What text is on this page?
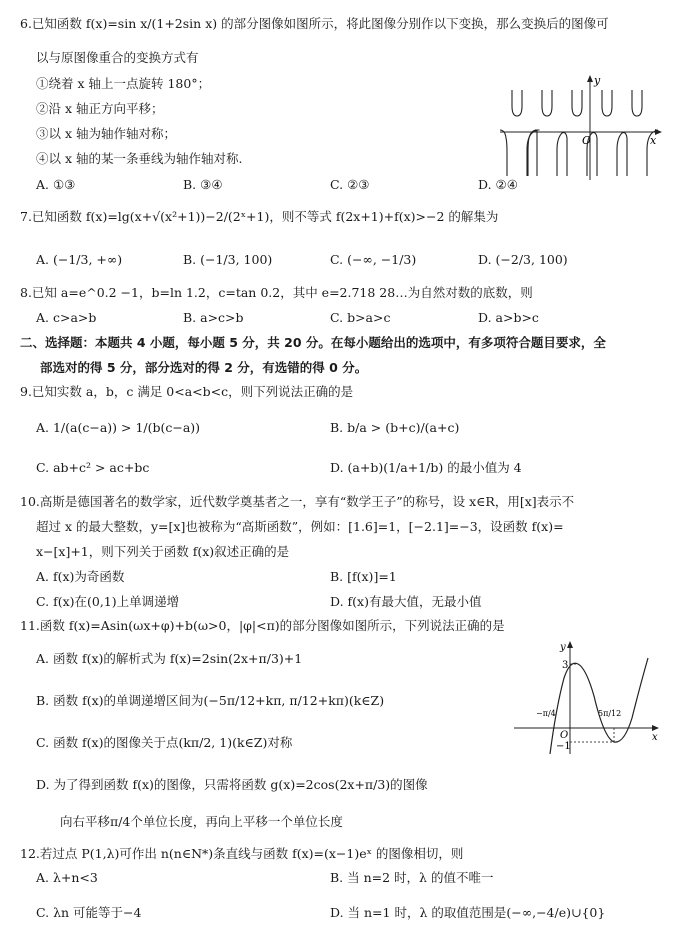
6.已知函数 f(x)=sin x/(1+2sin x) 的部分图像如图所示，将此图像分别作以下变换，那么变换后的图像可
以与原图像重合的变换方式有
①绕着 x 轴上一点旋转 180°；
②沿 x 轴正方向平移；
③以 x 轴为轴作轴对称；
④以 x 轴的某一条垂线为轴作轴对称.
A. ①③	B. ③④	C. ②③	D. ②④
y
x
O
7.已知函数 f(x)=lg(x+√(x²+1))−2/(2ˣ+1)，则不等式 f(2x+1)+f(x)>−2 的解集为
A. (−1/3, +∞)	B. (−1/3, 100)	C. (−∞, −1/3)	D. (−2/3, 100)
8.已知 a=e^0.2 −1，b=ln 1.2，c=tan 0.2，其中 e=2.718 28…为自然对数的底数，则
A. c>a>b	B. a>c>b	C. b>a>c	D. a>b>c
二、选择题：本题共 4 小题，每小题 5 分，共 20 分。在每小题给出的选项中，有多项符合题目要求，全
部选对的得 5 分，部分选对的得 2 分，有选错的得 0 分。
9.已知实数 a，b，c 满足 0<a<b<c，则下列说法正确的是
A. 1/(a(c−a)) > 1/(b(c−a))	B. b/a > (b+c)/(a+c)
C. ab+c² > ac+bc	D. (a+b)(1/a+1/b) 的最小值为 4
10.高斯是德国著名的数学家，近代数学奠基者之一，享有“数学王子”的称号，设 x∈R，用[x]表示不
超过 x 的最大整数，y=[x]也被称为“高斯函数”，例如：[1.6]=1，[−2.1]=−3，设函数 f(x)=
x−[x]+1，则下列关于函数 f(x)叙述正确的是
A. f(x)为奇函数	B. [f(x)]=1
C. f(x)在(0,1)上单调递增	D. f(x)有最大值，无最小值
11.函数 f(x)=Asin(ωx+φ)+b(ω>0，|φ|<π)的部分图像如图所示，下列说法正确的是
A. 函数 f(x)的解析式为 f(x)=2sin(2x+π/3)+1
B. 函数 f(x)的单调递增区间为(−5π/12+kπ, π/12+kπ)(k∈Z)
C. 函数 f(x)的图像关于点(kπ/2, 1)(k∈Z)对称
D. 为了得到函数 f(x)的图像，只需将函数 g(x)=2cos(2x+π/3)的图像
向右平移π/4个单位长度，再向上平移一个单位长度
y
x
O
3
−1
−π/4	5π/12
12.若过点 P(1,λ)可作出 n(n∈N*)条直线与函数 f(x)=(x−1)eˣ 的图像相切，则
A. λ+n<3	B. 当 n=2 时，λ 的值不唯一
C. λn 可能等于−4	D. 当 n=1 时，λ 的取值范围是(−∞,−4/e)∪{0}
